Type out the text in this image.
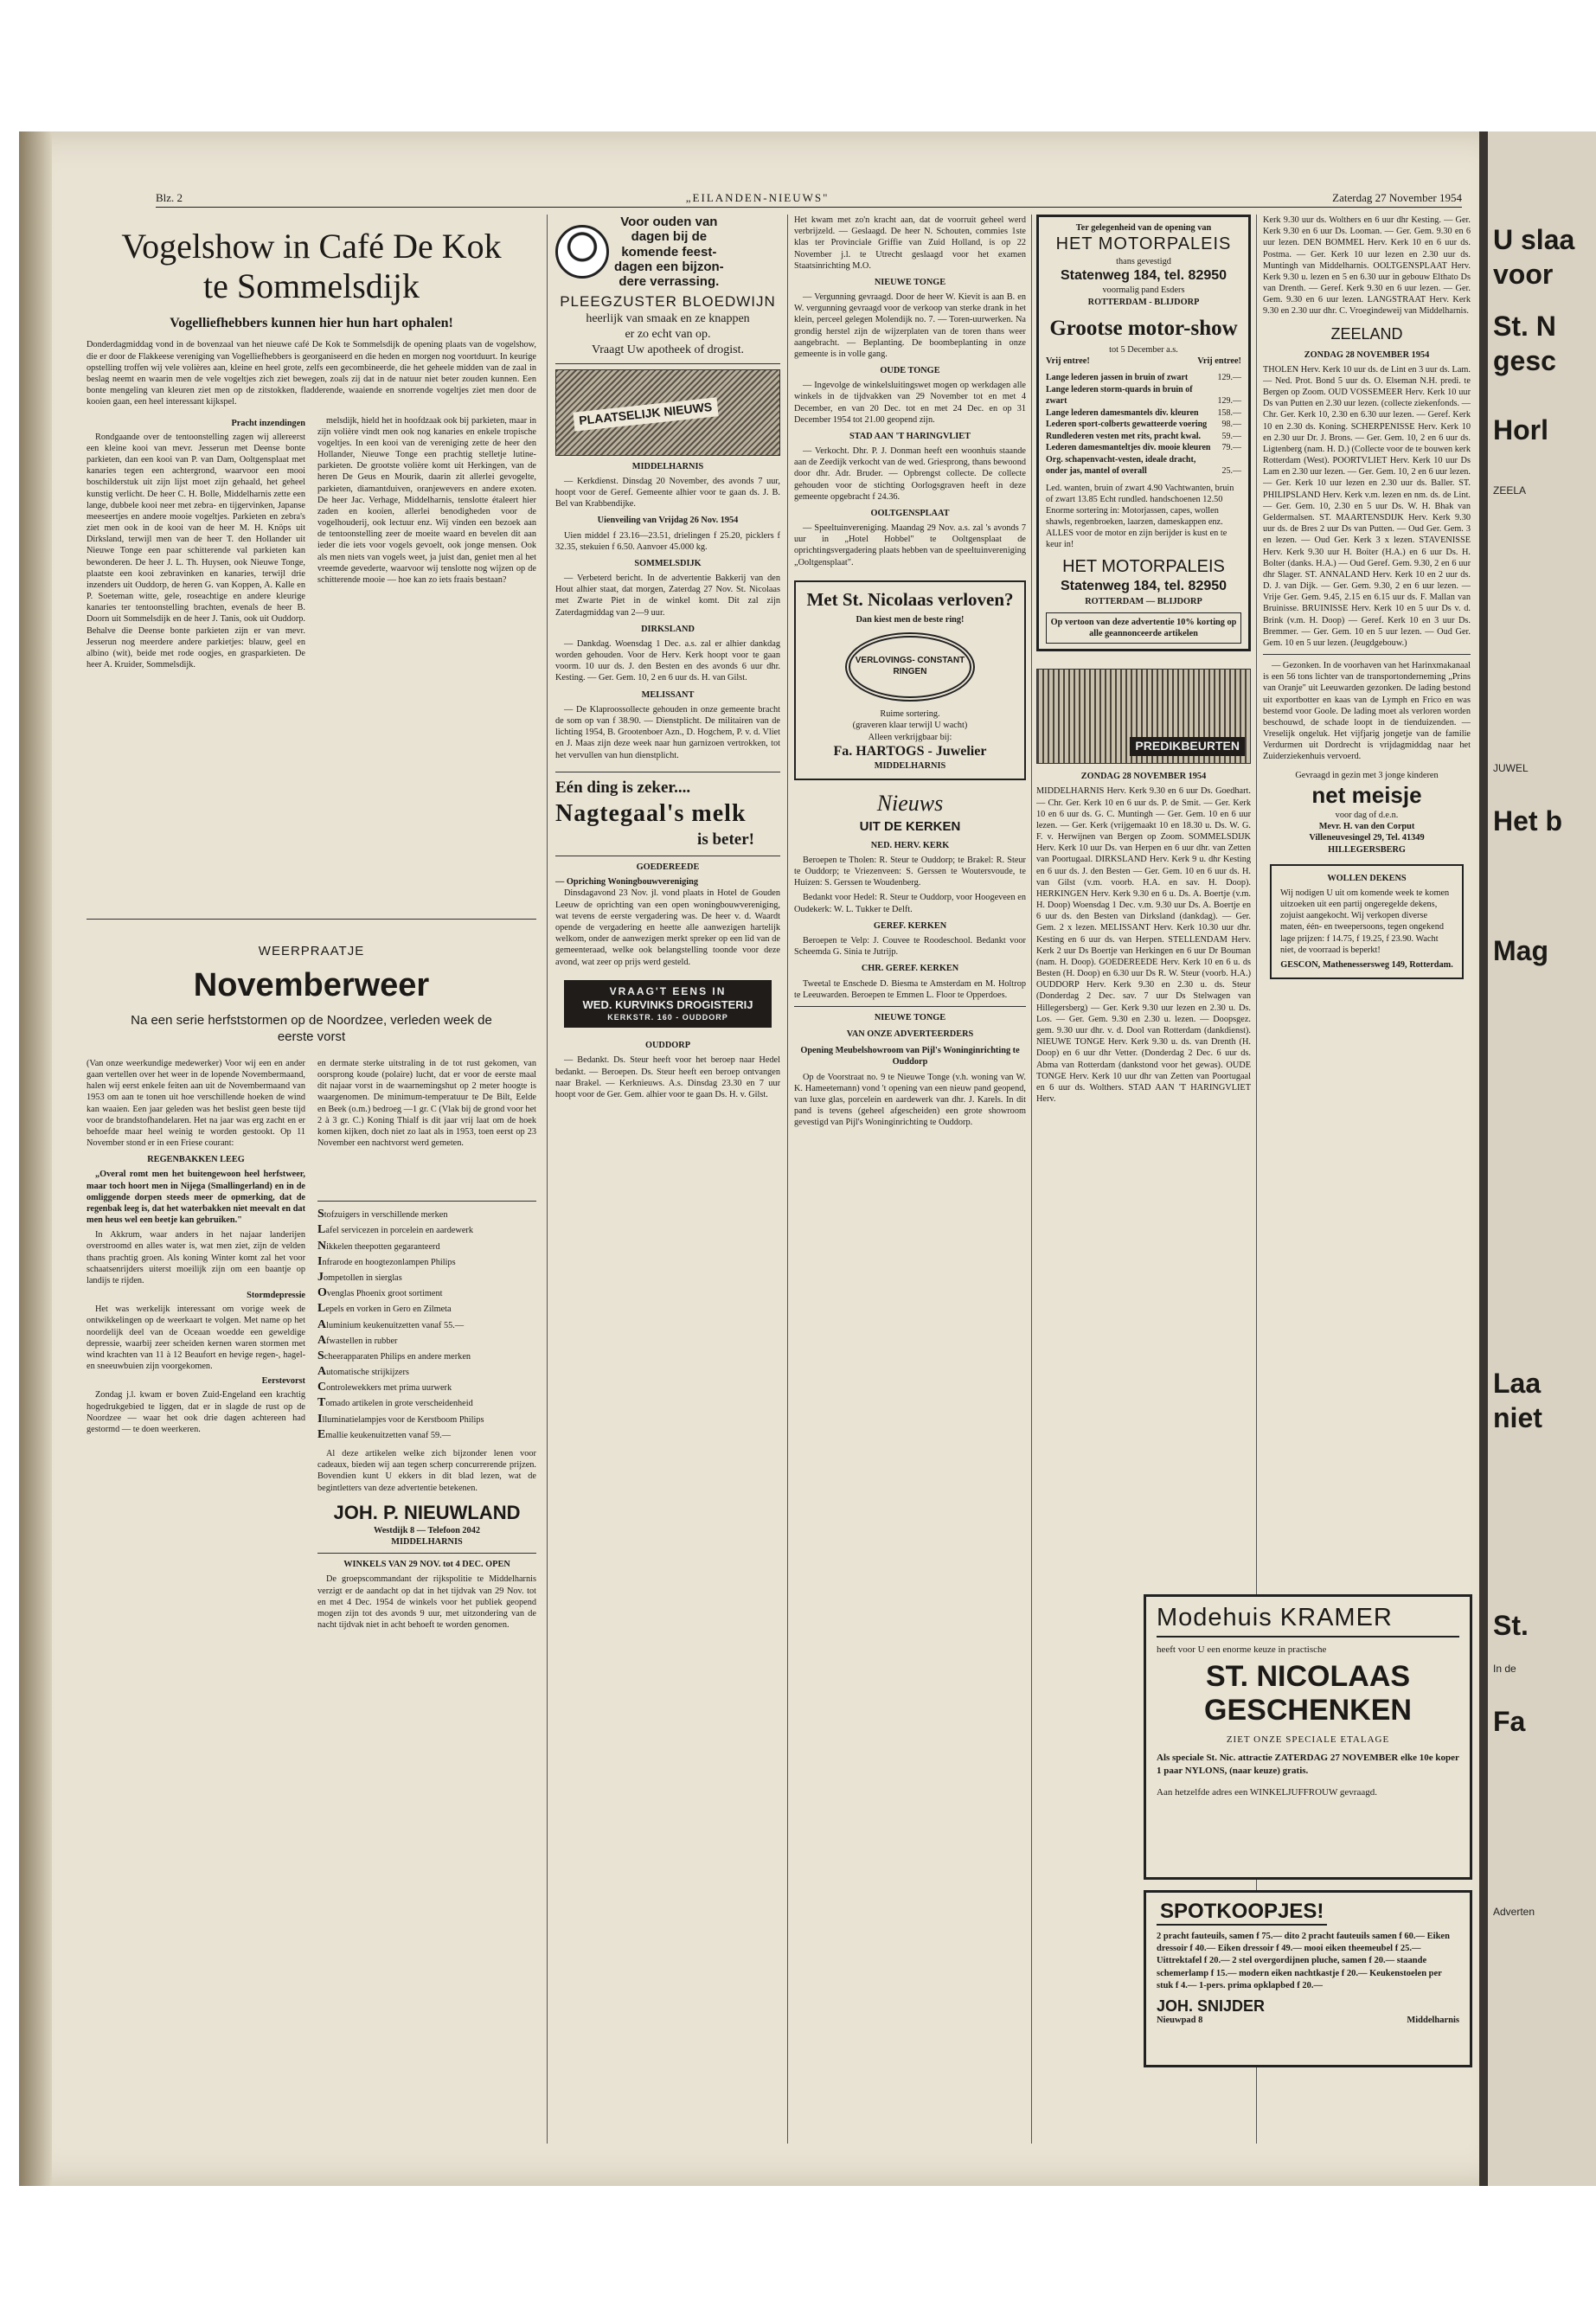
U slaa
voor
St. N
gesc
Horl
ZEELA
JUWEL
Het b
Mag
Laa
niet
St.
In de
Fa
Adverten
Blz. 2	„EILANDEN-NIEUWS"	Zaterdag 27 November 1954
Vogelshow in Café De Kok
te Sommelsdijk
Vogelliefhebbers kunnen hier hun hart ophalen!

Donderdagmiddag vond in de bovenzaal van het nieuwe café De Kok te Sommelsdijk de opening plaats van de vogelshow, die er door de Flakkeese vereniging van Vogelliefhebbers is georganiseerd en die heden en morgen nog voortduurt. In keurige opstelling troffen wij vele volières aan, kleine en heel grote, zelfs een gecombineerde, die het geheele midden van de zaal in beslag neemt en waarin men de vele vogeltjes zich ziet bewegen, zoals zij dat in de natuur niet beter zouden kunnen. Een bonte mengeling van kleuren ziet men op de zitstokken, fladderende, waaiende en snorrende vogeltjes ziet men door de kooien gaan, een heel interessant kijkspel.

Pracht inzendingen

Rondgaande over de tentoonstelling zagen wij allereerst een kleine kooi van mevr. Jesserun met Deense bonte parkieten, dan een kooi van P. van Dam, Ooltgensplaat met kanaries tegen een achtergrond, waarvoor een mooi boschilderstuk uit zijn lijst moet zijn gehaald, het geheel kunstig verlicht. De heer C. H. Bolle, Middelharnis zette een lange, dubbele kooi neer met zebra- en tijgervinken, Japanse meeseertjes en andere mooie vogeltjes. Parkieten en zebra's ziet men ook in de kooi van de heer M. H. Knöps uit Dirksland, terwijl men van de heer T. den Hollander uit Nieuwe Tonge een paar schitterende val parkieten kan bewonderen. De heer J. L. Th. Huysen, ook Nieuwe Tonge, plaatste een kooi zebravinken en kanaries, terwijl drie inzenders uit Ouddorp, de heren G. van Koppen, A. Kalle en P. Soeteman witte, gele, roseachtige en andere kleurige kanaries ter tentoonstelling brachten, evenals de heer B. Doorn uit Sommelsdijk en de heer J. Tanis, ook uit Ouddorp. Behalve die Deense bonte parkieten zijn er van mevr. Jesserun nog meerdere andere parkietjes: blauw, geel en albino (wit), beide met rode oogjes, en grasparkieten. De heer A. Kruider, Sommelsdijk.

melsdijk, hield het in hoofdzaak ook bij parkieten, maar in zijn volière vindt men ook nog kanaries en enkele tropische vogeltjes. In een kooi van de vereniging zette de heer den Hollander, Nieuwe Tonge een prachtig stelletje lutine-parkieten. De grootste volière komt uit Herkingen, van de heren De Geus en Mourik, daarin zit allerlei gevogelte, parkieten, diamantduiven, oranjewevers en andere exoten. De heer Jac. Verhage, Middelharnis, tenslotte étaleert hier zaden en kooien, allerlei benodigheden voor de vogelhouderij, ook lectuur enz. Wij vinden een bezoek aan de tentoonstelling zeer de moeite waard en bevelen dit aan ieder die iets voor vogels gevoelt, ook jonge mensen. Ook als men niets van vogels weet, ja juist dan, geniet men al het vreemde gevederte, waarvoor wij tenslotte nog wijzen op de schitterende mooie — hoe kan zo iets fraais bestaan?

WEERPRAATJE
Novemberweer
Na een serie herfststormen op de Noordzee, verleden week de eerste vorst

(Van onze weerkundige medewerker) Voor wij een en ander gaan vertellen over het weer in de lopende Novembermaand, halen wij eerst enkele feiten aan uit de Novembermaand van 1953 om aan te tonen uit hoe verschillende hoeken de wind kan waaien. Een jaar geleden was het beslist geen beste tijd voor de brandstofhandelaren. Het na jaar was erg zacht en er behoefde maar heel weinig te worden gestookt. Op 11 November stond er in een Friese courant:

REGENBAKKEN LEEG

„Overal romt men het buitengewoon heel herfstweer, maar toch hoort men in Nijega (Smallingerland) en in de omliggende dorpen steeds meer de opmerking, dat de regenbak leeg is, dat het waterbakken niet meevalt en dat men heus wel een beetje kan gebruiken."

In Akkrum, waar anders in het najaar landerijen overstroomd en alles water is, wat men ziet, zijn de velden thans prachtig groen. Als koning Winter komt zal het voor schaatsenrijders uiterst moeilijk zijn om een baantje op landijs te rijden.

Stormdepressie

Het was werkelijk interessant om vorige week de ontwikkelingen op de weerkaart te volgen. Met name op het noordelijk deel van de Oceaan woedde een geweldige depressie, waarbij zeer scheiden kernen waren stormen met wind krachten van 11 à 12 Beaufort en hevige regen-, hagel- en sneeuwbuien zijn voorgekomen.

Eerstevorst

Zondag j.l. kwam er boven Zuid-Engeland een krachtig hogedrukgebied te liggen, dat er in slagde de rust op de Noordzee — waar het ook drie dagen achtereen had gestormd — te doen weerkeren.

en dermate sterke uitstraling in de tot rust gekomen, van oorsprong koude (polaire) lucht, dat er voor de eerste maal dit najaar vorst in de waarnemingshut op 2 meter hoogte is waargenomen. De minimum-temperatuur te De Bilt, Eelde en Beek (o.m.) bedroeg —1 gr. C (Vlak bij de grond voor het 2 à 3 gr. C.) Koning Thialf is dit jaar vrij laat om de hoek komen kijken, doch niet zo laat als in 1953, toen eerst op 23 November een nachtvorst werd gemeten.

Stofzuigers in verschillende merken
Lafel servicezen in porcelein en aardewerk
Nikkelen theepotten gegaranteerd
Infrarode en hoogtezonlampen Philips
Jompetollen in sierglas
Ovenglas Phoenix groot sortiment
Lepels en vorken in Gero en Zilmeta
Aluminium keukenuitzetten vanaf 55.—
Afwastellen in rubber
Scheerapparaten Philips en andere merken
Automatische strijkijzers
Controlewekkers met prima uurwerk
Tomado artikelen in grote verscheidenheid
Illuminatielampjes voor de Kerstboom Philips
Emallie keukenuitzetten vanaf 59.—

Al deze artikelen welke zich bijzonder lenen voor cadeaux, bieden wij aan tegen scherp concurrerende prijzen. Bovendien kunt U ekkers in dit blad lezen, wat de begintletters van deze advertentie betekenen.

JOH. P. NIEUWLAND
Westdijk 8 — Telefoon 2042
MIDDELHARNIS
WINKELS VAN 29 NOV. tot 4 DEC. OPEN

De groepscommandant der rijkspolitie te Middelharnis verzigt er de aandacht op dat in het tijdvak van 29 Nov. tot en met 4 Dec. 1954 de winkels voor het publiek geopend mogen zijn tot des avonds 9 uur, met uitzondering van de nacht tijdvak niet in acht behoeft te worden genomen.

Voor ouden van
dagen bij de
komende feest-
dagen een bijzon-
dere verrassing.
PLEEGZUSTER BLOEDWIJN
heerlijk van smaak en ze knappen
er zo echt van op.
Vraagt Uw apotheek of drogist.
PLAATSELIJK NIEUWS
MIDDELHARNIS

— Kerkdienst. Dinsdag 20 November, des avonds 7 uur, hoopt voor de Geref. Gemeente alhier voor te gaan ds. J. B. Bel van Krabbendijke.

Uienveiling van Vrijdag 26 Nov. 1954

Uien middel f 23.16—23.51, drielingen f 25.20, picklers f 32.35, stekuien f 6.50. Aanvoer 45.000 kg.

SOMMELSDIJK

— Verbeterd bericht. In de advertentie Bakkerij van den Hout alhier staat, dat morgen, Zaterdag 27 Nov. St. Nicolaas met Zwarte Piet in de winkel komt. Dit zal zijn Zaterdagmiddag van 2—9 uur.

DIRKSLAND

— Dankdag. Woensdag 1 Dec. a.s. zal er alhier dankdag worden gehouden. Voor de Herv. Kerk hoopt voor te gaan voorm. 10 uur ds. J. den Besten en des avonds 6 uur dhr. Kesting. — Ger. Gem. 10, 2 en 6 uur ds. H. van Gilst.

MELISSANT

— De Klaproossollecte gehouden in onze gemeente bracht de som op van f 38.90. — Dienstplicht. De militairen van de lichting 1954, B. Grootenboer Azn., D. Hogchem, P. v. d. Vliet en J. Maas zijn deze week naar hun garnizoen vertrokken, tot het vervullen van hun dienstplicht.

Eén ding is zeker....
Nagtegaal's melk
is beter!
GOEDEREEDE
— Opriching Woningbouwvereniging

Dinsdagavond 23 Nov. jl. vond plaats in Hotel de Gouden Leeuw de oprichting van een open woningbouwvereniging, wat tevens de eerste vergadering was. De heer v. d. Waardt opende de vergadering en heette alle aanwezigen hartelijk welkom, onder de aanwezigen merkt spreker op een lid van de gemeenteraad, welke ook belangstelling toonde voor deze avond, wat zeer op prijs werd gesteld.

VRAAG'T EENS IN
WED. KURVINKS DROGISTERIJ
KERKSTR. 160 - OUDDORP
OUDDORP

— Bedankt. Ds. Steur heeft voor het beroep naar Hedel bedankt. — Beroepen. Ds. Steur heeft een beroep ontvangen naar Brakel. — Kerknieuws. A.s. Dinsdag 23.30 en 7 uur hoopt voor de Ger. Gem. alhier voor te gaan Ds. H. v. Gilst.

Het kwam met zo'n kracht aan, dat de voorruit geheel werd verbrijzeld. — Geslaagd. De heer N. Schouten, commies 1ste klas ter Provinciale Griffie van Zuid Holland, is op 22 November j.l. te Utrecht geslaagd voor het examen Staatsinrichting M.O.

NIEUWE TONGE

— Vergunning gevraagd. Door de heer W. Kievit is aan B. en W. vergunning gevraagd voor de verkoop van sterke drank in het klein, perceel gelegen Molendijk no. 7. — Toren-uurwerken. Na grondig herstel zijn de wijzerplaten van de toren thans weer aangebracht. — Beplanting. De boombeplanting in onze gemeente is in volle gang.

OUDE TONGE

— Ingevolge de winkelsluitingswet mogen op werkdagen alle winkels in de tijdvakken van 29 November tot en met 4 December, en van 20 Dec. tot en met 24 Dec. en op 31 December 1954 tot 21.00 geopend zijn.

STAD AAN 'T HARINGVLIET

— Verkocht. Dhr. P. J. Donman heeft een woonhuis staande aan de Zeedijk verkocht van de wed. Griesprong, thans bewoond door dhr. Adr. Bruder. — Opbrengst collecte. De collecte gehouden voor de stichting Oorlogsgraven heeft in deze gemeente opgebracht f 24.36.

OOLTGENSPLAAT

— Speeltuinvereniging. Maandag 29 Nov. a.s. zal 's avonds 7 uur in „Hotel Hobbel" te Ooltgensplaat de oprichtingsvergadering plaats hebben van de speeltuinvereniging „Ooltgensplaat".

Met St. Nicolaas verloven?
Dan kiest men de beste ring!
VERLOVINGS- CONSTANT RINGEN
Ruime sortering.
(graveren klaar terwijl U wacht)
Alleen verkrijgbaar bij:
Fa. HARTOGS - Juwelier
MIDDELHARNIS
Nieuws
UIT DE KERKEN
NED. HERV. KERK

Beroepen te Tholen: R. Steur te Ouddorp; te Brakel: R. Steur te Ouddorp; te Vriezenveen: S. Gerssen te Woutersvoude, te Huizen: S. Gerssen te Woudenberg.

Bedankt voor Hedel: R. Steur te Ouddorp, voor Hoogeveen en Oudekerk: W. L. Tukker te Delft.

GEREF. KERKEN

Beroepen te Velp: J. Couvee te Roodeschool. Bedankt voor Scheemda G. Sinia te Jutrijp.

CHR. GEREF. KERKEN

Tweetal te Enschede D. Biesma te Amsterdam en M. Holtrop te Leeuwarden. Beroepen te Emmen L. Floor te Opperdoes.

NIEUWE TONGE
VAN ONZE ADVERTEERDERS
Opening Meubelshowroom van Pijl's Woninginrichting te Ouddorp

Op de Voorstraat no. 9 te Nieuwe Tonge (v.h. woning van W. K. Hameetemann) vond 't opening van een nieuw pand geopend, van luxe glas, porcelein en aardewerk van dhr. J. Karels. In dit pand is tevens (geheel afgescheiden) een grote showroom gevestigd van Pijl's Woninginrichting te Ouddorp.

Ter gelegenheid van de opening van
HET MOTORPALEIS
thans gevestigd
Statenweg 184, tel. 82950
voormalig pand Esders
ROTTERDAM - BLIJDORP
Grootse motor-show
tot 5 December a.s.
Vrij entree!	Vrij entree!
Lange lederen jassen in bruin of zwart	129.—
Lange lederen storm-quards in bruin of zwart	129.—
Lange lederen damesmantels div. kleuren	158.—
Lederen sport-colberts gewatteerde voering	98.—
Rundlederen vesten met rits, pracht kwal.	59.—
Lederen damesmanteltjes div. mooie kleuren	79.—
Org. schapenvacht-vesten, ideale dracht, onder jas, mantel of overall	25.—

Led. wanten, bruin of zwart 4.90 Vachtwanten, bruin of zwart 13.85 Echt rundled. handschoenen 12.50 Enorme sortering in: Motorjassen, capes, wollen shawls, regenbroeken, laarzen, dameskappen enz. ALLES voor de motor en zijn berijder is kust en te keur in!

HET MOTORPALEIS
Statenweg 184, tel. 82950
ROTTERDAM — BLIJDORP
Op vertoon van deze advertentie 10% korting op alle geannonceerde artikelen
PREDIKBEURTEN
ZONDAG 28 NOVEMBER 1954

MIDDELHARNIS Herv. Kerk 9.30 en 6 uur Ds. Goedhart. — Chr. Ger. Kerk 10 en 6 uur ds. P. de Smit. — Ger. Kerk 10 en 6 uur ds. G. C. Muntingh — Ger. Gem. 10 en 6 uur lezen. — Ger. Kerk (vrijgemaakt 10 en 18.30 u. Ds. W. G. F. v. Herwijnen van Bergen op Zoom. SOMMELSDIJK Herv. Kerk 10 uur Ds. van Herpen en 6 uur dhr. van Zetten van Poortugaal. DIRKSLAND Herv. Kerk 9 u. dhr Kesting en 6 uur ds. J. den Besten — Ger. Gem. 10 en 6 uur ds. H. van Gilst (v.m. voorb. H.A. en sav. H. Doop). HERKINGEN Herv. Kerk 9.30 en 6 u. Ds. A. Boertje (v.m. H. Doop) Woensdag 1 Dec. v.m. 9.30 uur Ds. A. Boertje en 6 uur ds. den Besten van Dirksland (dankdag). — Ger. Gem. 2 x lezen. MELISSANT Herv. Kerk 10.30 uur dhr. Kesting en 6 uur ds. van Herpen. STELLENDAM Herv. Kerk 2 uur Ds Boertje van Herkingen en 6 uur Dr Bouman (nam. H. Doop). GOEDEREEDE Herv. Kerk 10 en 6 u. ds Besten (H. Doop) en 6.30 uur Ds R. W. Steur (voorb. H.A.) OUDDORP Herv. Kerk 9.30 en 2.30 u. ds. Steur (Donderdag 2 Dec. sav. 7 uur Ds Stelwagen van Hillegersberg) — Ger. Kerk 9.30 uur lezen en 2.30 u. Ds. Los. — Ger. Gem. 9.30 en 2.30 u. lezen. — Doopsgez. gem. 9.30 uur dhr. v. d. Dool van Rotterdam (dankdienst). NIEUWE TONGE Herv. Kerk 9.30 u. ds. van Drenth (H. Doop) en 6 uur dhr Vetter. (Donderdag 2 Dec. 6 uur ds. Abma van Rotterdam (dankstond voor het gewas). OUDE TONGE Herv. Kerk 10 uur dhr van Zetten van Poortugaal en 6 uur ds. Wolthers. STAD AAN 'T HARINGVLIET Herv.

Kerk 9.30 uur ds. Wolthers en 6 uur dhr Kesting. — Ger. Kerk 9.30 en 6 uur Ds. Looman. — Ger. Gem. 9.30 en 6 uur lezen. DEN BOMMEL Herv. Kerk 10 en 6 uur ds. Postma. — Ger. Kerk 10 uur lezen en 2.30 uur ds. Muntingh van Middelharnis. OOLTGENSPLAAT Herv. Kerk 9.30 u. lezen en 5 en 6.30 uur in gebouw Elthato Ds van Drenth. — Geref. Kerk 9.30 en 6 uur lezen. — Ger. Gem. 9.30 en 6 uur lezen. LANGSTRAAT Herv. Kerk 9.30 en 2.30 uur dhr. C. Vroegindeweij van Middelharnis.

ZEELAND
ZONDAG 28 NOVEMBER 1954

THOLEN Herv. Kerk 10 uur ds. de Lint en 3 uur ds. Lam. — Ned. Prot. Bond 5 uur ds. O. Elseman N.H. predi. te Bergen op Zoom. OUD VOSSEMEER Herv. Kerk 10 uur Ds van Putten en 2.30 uur lezen. (collecte ziekenfonds. — Chr. Ger. Kerk 10, 2.30 en 6.30 uur lezen. — Geref. Kerk 10 en 2.30 ds. Koning. SCHERPENISSE Herv. Kerk 10 en 2.30 uur Dr. J. Brons. — Ger. Gem. 10, 2 en 6 uur ds. Ligtenberg (nam. H. D.) (Collecte voor de te bouwen kerk Rotterdam (West). POORTVLIET Herv. Kerk 10 uur Ds Lam en 2.30 uur lezen. — Ger. Gem. 10, 2 en 6 uur lezen. — Ger. Kerk 10 uur lezen en 2.30 uur ds. Baller. ST. PHILIPSLAND Herv. Kerk v.m. lezen en nm. ds. de Lint. — Ger. Gem. 10, 2.30 en 5 uur Ds. W. H. Bhak van Geldermalsen. ST. MAARTENSDIJK Herv. Kerk 9.30 uur ds. de Bres 2 uur Ds van Putten. — Oud Ger. Gem. 3 en lezen. — Oud Ger. Kerk 3 x lezen. STAVENISSE Herv. Kerk 9.30 uur H. Boiter (H.A.) en 6 uur Ds. H. Bolter (danks. H.A.) — Oud Geref. Gem. 9.30, 2 en 6 uur dhr Slager. ST. ANNALAND Herv. Kerk 10 en 2 uur ds. D. J. van Dijk. — Ger. Gem. 9.30, 2 en 6 uur lezen. — Vrije Ger. Gem. 9.45, 2.15 en 6.15 uur ds. F. Mallan van Bruinisse. BRUINISSE Herv. Kerk 10 en 5 uur Ds v. d. Brink (v.m. H. Doop) — Geref. Kerk 10 en 3 uur Ds. Bremmer. — Ger. Gem. 10 en 5 uur lezen. — Oud Ger. Gem. 10 en 5 uur lezen. (Jeugdgebouw.)

— Gezonken. In de voorhaven van het Harinxmakanaal is een 56 tons lichter van de transportonderneming „Prins van Oranje" uit Leeuwarden gezonken. De lading bestond uit exportbotter en kaas van de Lymph en Frico en was bestemd voor Goole. De lading moet als verloren worden beschouwd, de schade loopt in de tienduizenden. — Vreselijk ongeluk. Het vijfjarig jongetje van de familie Verdurmen uit Dordrecht is vrijdagmiddag naar het Zuiderziekenhuis vervoerd.

Gevraagd in gezin met 3 jonge kinderen
net meisje
voor dag of d.e.n.
Mevr. H. van den Corput
Villeneuvesingel 29, Tel. 41349
HILLEGERSBERG
WOLLEN DEKENS

Wij nodigen U uit om komende week te komen uitzoeken uit een partij ongeregelde dekens, zojuist aangekocht. Wij verkopen diverse maten, één- en tweepersoons, tegen ongekend lage prijzen: f 14.75, f 19.25, f 23.90. Wacht niet, de voorraad is beperkt!

GESCON, Mathenessersweg 149, Rotterdam.
Modehuis KRAMER
heeft voor U een enorme keuze in practische
ST. NICOLAAS
GESCHENKEN
ZIET ONZE SPECIALE ETALAGE
Als speciale St. Nic. attractie ZATERDAG 27 NOVEMBER elke 10e koper 1 paar NYLONS, (naar keuze) gratis.
Aan hetzelfde adres een WINKELJUFFROUW gevraagd.
SPOTKOOPJES!
2 pracht fauteuils, samen f 75.— dito 2 pracht fauteuils samen f 60.— Eiken dressoir f 40.— Eiken dressoir f 49.— mooi eiken theemeubel f 25.— Uittrektafel f 20.— 2 stel overgordijnen pluche, samen f 20.— staande schemerlamp f 15.— modern eiken nachtkastje f 20.— Keukenstoelen per stuk f 4.— 1-pers. prima opklapbed f 20.—
JOH. SNIJDER
Nieuwpad 8	Middelharnis
